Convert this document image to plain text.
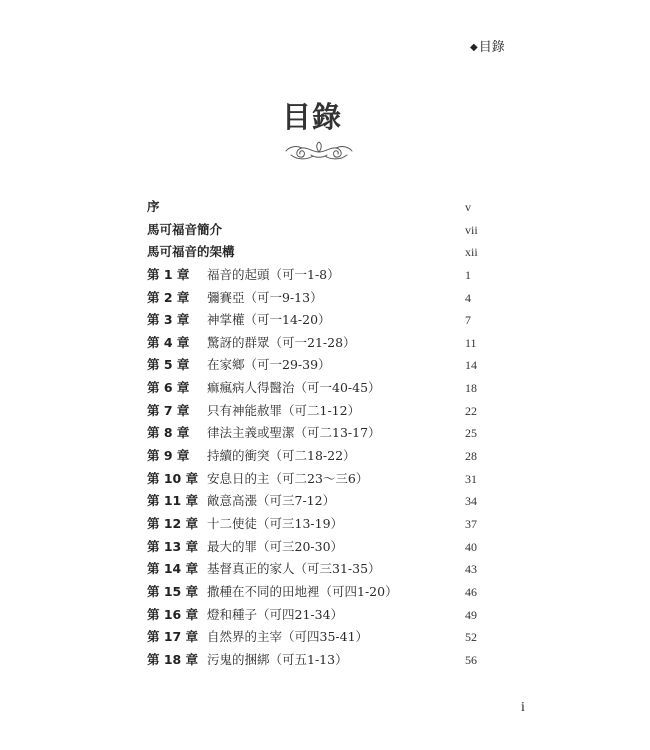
◆目錄
目錄
序	v
馬可福音簡介	vii
馬可福音的架構	xii
第 1 章 福音的起頭（可一1-8）	1
第 2 章 彌賽亞（可一9-13）	4
第 3 章 神掌權（可一14-20）	7
第 4 章 驚訝的群眾（可一21-28）	11
第 5 章 在家鄉（可一29-39）	14
第 6 章 痲瘋病人得醫治（可一40-45）	18
第 7 章 只有神能赦罪（可二1-12）	22
第 8 章 律法主義或聖潔（可二13-17）	25
第 9 章 持續的衝突（可二18-22）	28
第 10 章 安息日的主（可二23～三6）	31
第 11 章 敵意高漲（可三7-12）	34
第 12 章 十二使徒（可三13-19）	37
第 13 章 最大的罪（可三20-30）	40
第 14 章 基督真正的家人（可三31-35）	43
第 15 章 撒種在不同的田地裡（可四1-20）	46
第 16 章 燈和種子（可四21-34）	49
第 17 章 自然界的主宰（可四35-41）	52
第 18 章 污鬼的捆綁（可五1-13）	56
i
